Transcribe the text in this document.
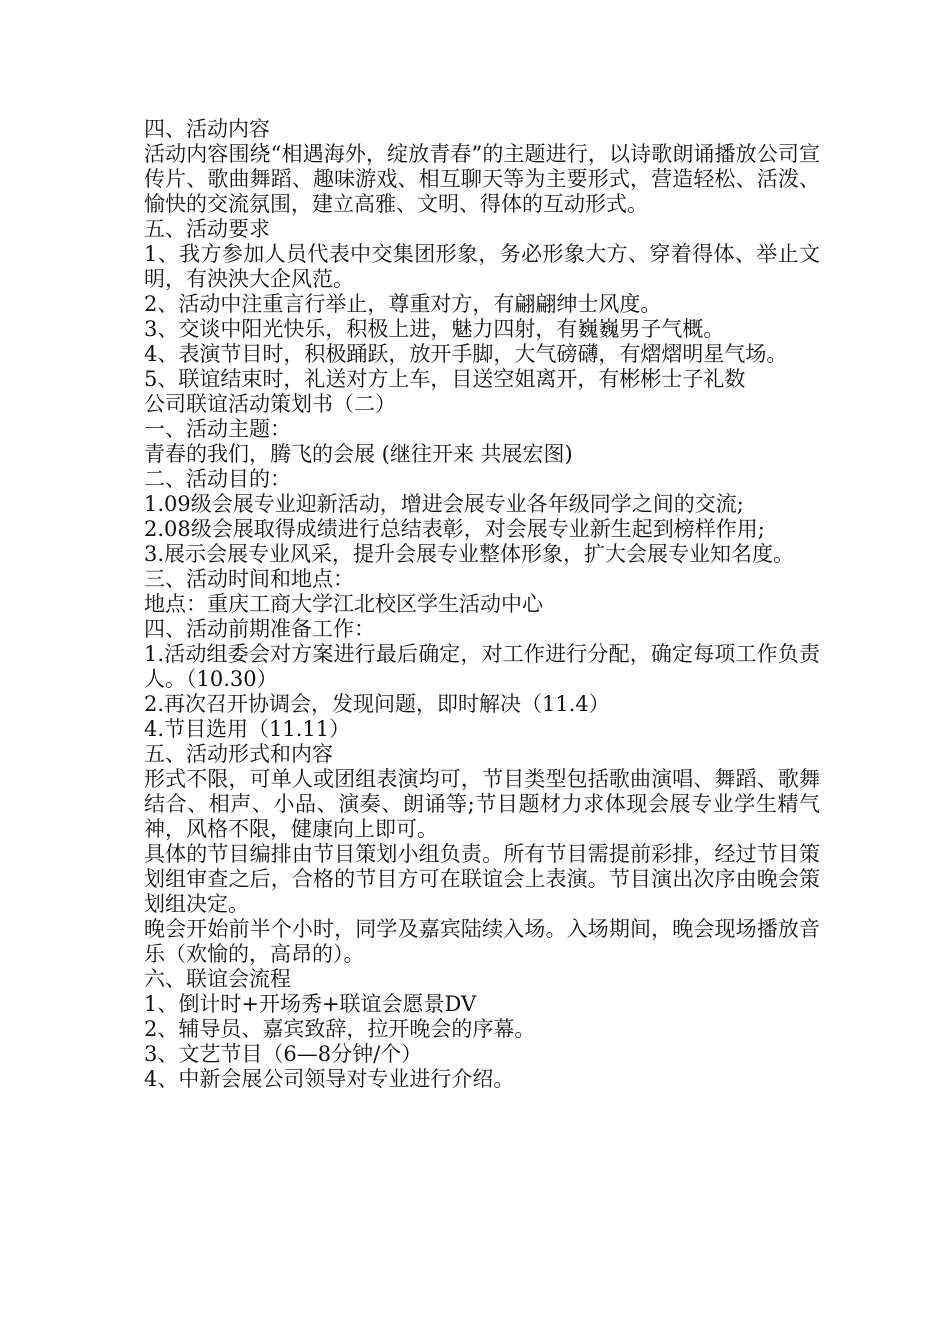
四、活动内容

活动内容围绕“相遇海外，绽放青春”的主题进行，以诗歌朗诵播放公司宣传片、歌曲舞蹈、趣味游戏、相互聊天等为主要形式，营造轻松、活泼、愉快的交流氛围，建立高雅、文明、得体的互动形式。

五、活动要求

1、我方参加人员代表中交集团形象，务必形象大方、穿着得体、举止文明，有泱泱大企风范。

2、活动中注重言行举止，尊重对方，有翩翩绅士风度。

3、交谈中阳光快乐，积极上进，魅力四射，有巍巍男子气概。

4、表演节目时，积极踊跃，放开手脚，大气磅礴，有熠熠明星气场。

5、联谊结束时，礼送对方上车，目送空姐离开，有彬彬士子礼数

公司联谊活动策划书（二）

一、活动主题：

青春的我们，腾飞的会展 (继往开来 共展宏图)

二、活动目的：

1.09级会展专业迎新活动，增进会展专业各年级同学之间的交流;

2.08级会展取得成绩进行总结表彰，对会展专业新生起到榜样作用;

3.展示会展专业风采，提升会展专业整体形象，扩大会展专业知名度。

三、活动时间和地点：

地点：重庆工商大学江北校区学生活动中心

四、活动前期准备工作：

1.活动组委会对方案进行最后确定，对工作进行分配，确定每项工作负责人。（10.30）

2.再次召开协调会，发现问题，即时解决（11.4）

4.节目选用（11.11）

五、活动形式和内容

形式不限，可单人或团组表演均可，节目类型包括歌曲演唱、舞蹈、歌舞结合、相声、小品、演奏、朗诵等;节目题材力求体现会展专业学生精气神，风格不限，健康向上即可。

具体的节目编排由节目策划小组负责。所有节目需提前彩排，经过节目策划组审查之后，合格的节目方可在联谊会上表演。节目演出次序由晚会策划组决定。

晚会开始前半个小时，同学及嘉宾陆续入场。入场期间，晚会现场播放音乐（欢愉的，高昂的）。

六、联谊会流程

1、倒计时+开场秀+联谊会愿景DV

2、辅导员、嘉宾致辞，拉开晚会的序幕。

3、文艺节目（6—8分钟/个）

4、中新会展公司领导对专业进行介绍。
